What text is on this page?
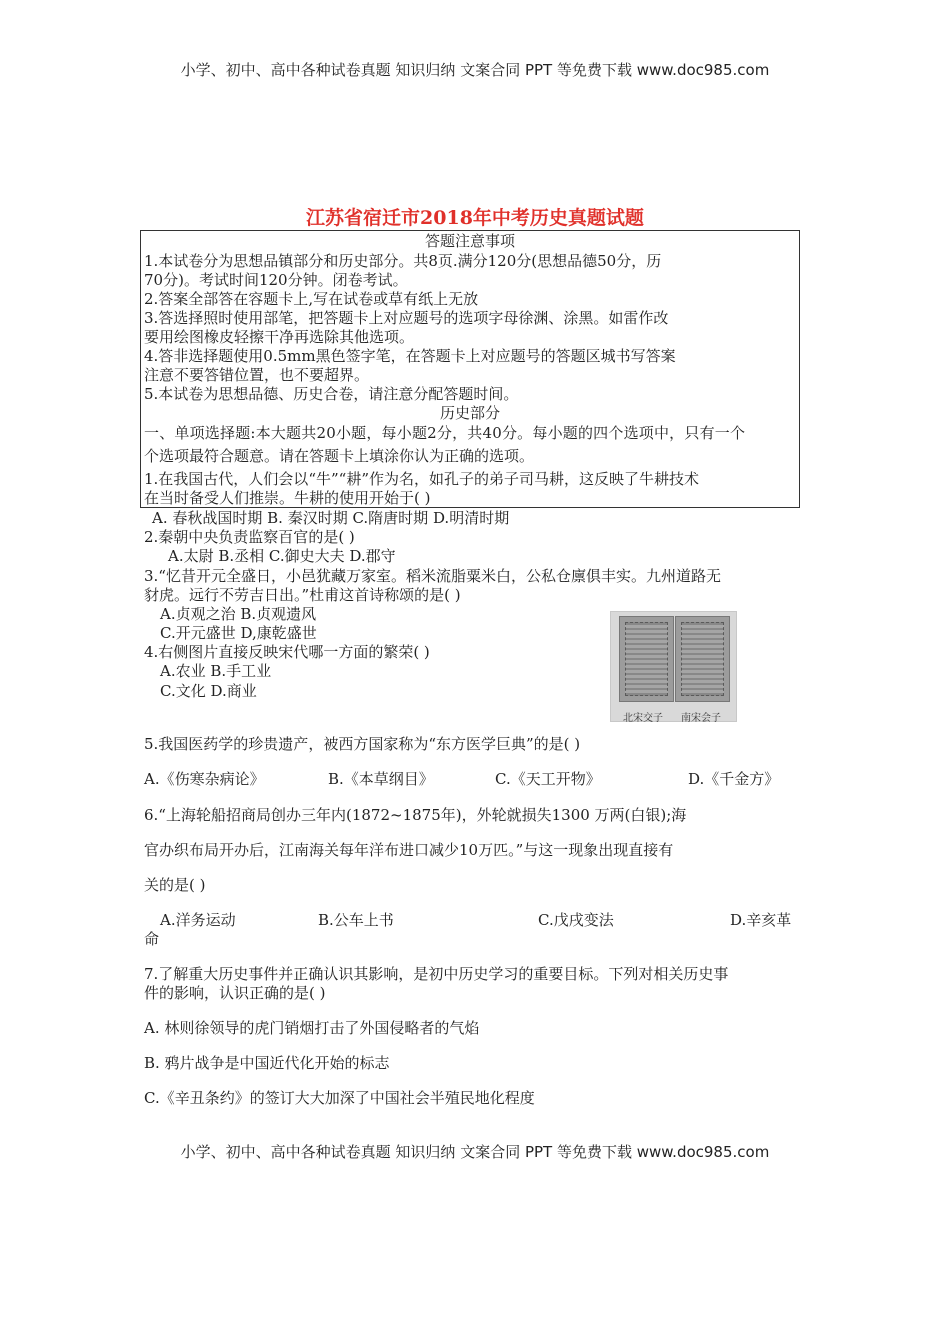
小学、初中、高中各种试卷真题 知识归纳 文案合同 PPT 等免费下载 www.doc985.com
江苏省宿迁市2018年中考历史真题试题
答题注意事项
1.本试卷分为思想品镇部分和历史部分。共8页.满分120分(思想品德50分，历
70分)。考试时间120分钟。闭卷考试。
2.答案全部答在容题卡上,写在试卷或草有纸上无放
3.答选择照时使用部笔，把答题卡上对应题号的选项字母徐渊、涂黑。如雷作改
要用绘图橡皮轻擦干净再选除其他选项。
4.答非选择题使用0.5mm黑色签字笔，在答题卡上对应题号的答题区城书写答案
注意不要答错位置，也不要超界。
5.本试卷为思想品德、历史合卷，请注意分配答题时间。
历史部分
一、单项选择题:本大题共20小题，每小题2分，共40分。每小题的四个选项中，只有一个
个选项最符合题意。请在答题卡上填涂你认为正确的选项。
1.在我国古代，人们会以“牛”“耕”作为名，如孔子的弟子司马耕，这反映了牛耕技术
在当时备受人们推崇。牛耕的使用开始于( )
A. 春秋战国时期 B. 秦汉时期 C.隋唐时期 D.明清时期
2.秦朝中央负责监察百官的是( )
A.太尉 B.丞相 C.御史大夫 D.郡守
3.“忆昔开元全盛日，小邑犹藏万家室。稻米流脂粟米白，公私仓廪俱丰实。九州道路无
豺虎。远行不劳吉日出。”杜甫这首诗称颂的是( )
A.贞观之治 B.贞观遗风
C.开元盛世 D,康乾盛世
4.右侧图片直接反映宋代哪一方面的繁荣( )
A.农业 B.手工业
C.文化 D.商业
北宋交子 南宋会子
5.我国医药学的珍贵遗产，被西方国家称为“东方医学巨典”的是( )
A.《伤寒杂病论》	B.《本草纲目》	C.《天工开物》	D.《千金方》
6.“上海轮船招商局创办三年内(1872~1875年)，外轮就损失1300 万两(白银);海
官办织布局开办后，江南海关每年洋布进口减少10万匹。”与这一现象出现直接有
关的是( )
A.洋务运动	B.公车上书	C.戊戌变法	D.辛亥革
命
7.了解重大历史事件并正确认识其影响，是初中历史学习的重要目标。下列对相关历史事
件的影响，认识正确的是( )
A. 林则徐领导的虎门销烟打击了外国侵略者的气焰
B. 鸦片战争是中国近代化开始的标志
C.《辛丑条约》的签订大大加深了中国社会半殖民地化程度
小学、初中、高中各种试卷真题 知识归纳 文案合同 PPT 等免费下载 www.doc985.com
